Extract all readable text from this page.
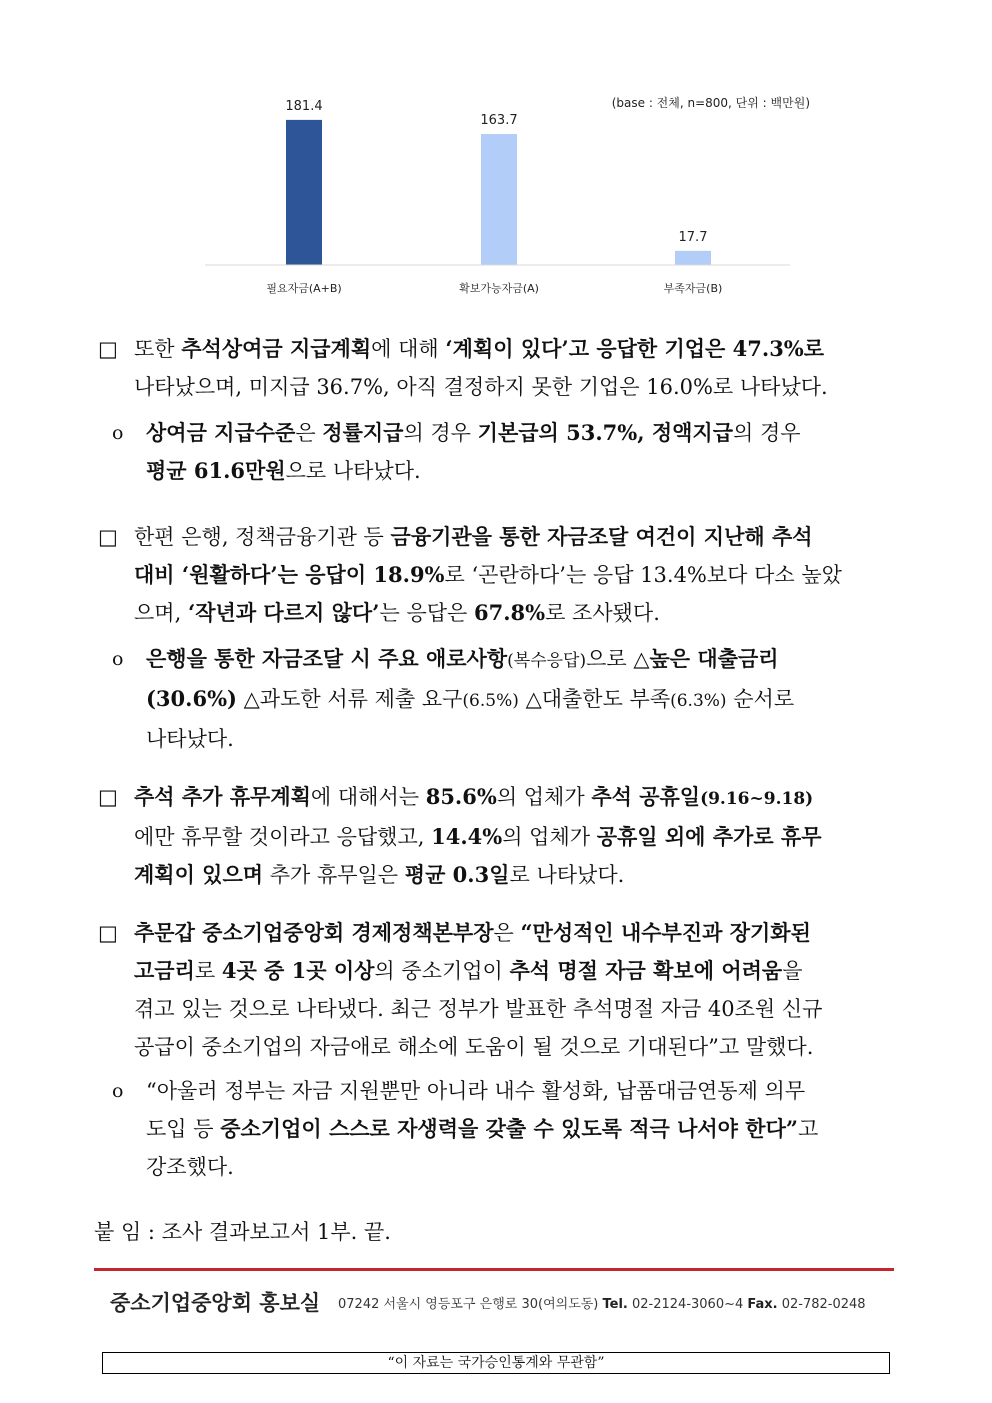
(base : 전체, n=800, 단위 : 백만원)
181.4
필요자금(A+B)
163.7
확보가능자금(A)
17.7
부족자금(B)
□ 또한 추석상여금 지급계획에 대해 ‘계획이 있다’고 응답한 기업은 47.3%로
나타났으며, 미지급 36.7%, 아직 결정하지 못한 기업은 16.0%로 나타났다.
ο 상여금 지급수준은 정률지급의 경우 기본급의 53.7%, 정액지급의 경우
평균 61.6만원으로 나타났다.
□ 한편 은행, 정책금융기관 등 금융기관을 통한 자금조달 여건이 지난해 추석
대비 ‘원활하다’는 응답이 18.9%로 ‘곤란하다’는 응답 13.4%보다 다소 높았
으며, ‘작년과 다르지 않다’는 응답은 67.8%로 조사됐다.
ο 은행을 통한 자금조달 시 주요 애로사항(복수응답)으로 △높은 대출금리
(30.6%) △과도한 서류 제출 요구(6.5%) △대출한도 부족(6.3%) 순서로
나타났다.
□ 추석 추가 휴무계획에 대해서는 85.6%의 업체가 추석 공휴일(9.16~9.18)
에만 휴무할 것이라고 응답했고, 14.4%의 업체가 공휴일 외에 추가로 휴무
계획이 있으며 추가 휴무일은 평균 0.3일로 나타났다.
□ 추문갑 중소기업중앙회 경제정책본부장은 “만성적인 내수부진과 장기화된
고금리로 4곳 중 1곳 이상의 중소기업이 추석 명절 자금 확보에 어려움을
겪고 있는 것으로 나타냈다. 최근 정부가 발표한 추석명절 자금 40조원 신규
공급이 중소기업의 자금애로 해소에 도움이 될 것으로 기대된다”고 말했다.
ο “아울러 정부는 자금 지원뿐만 아니라 내수 활성화, 납품대금연동제 의무
도입 등 중소기업이 스스로 자생력을 갖출 수 있도록 적극 나서야 한다”고
강조했다.
붙 임 : 조사 결과보고서 1부. 끝.
중소기업중앙회 홍보실 07242 서울시 영등포구 은행로 30(여의도동) Tel. 02-2124-3060~4 Fax. 02-782-0248
“이 자료는 국가승인통계와 무관함”
